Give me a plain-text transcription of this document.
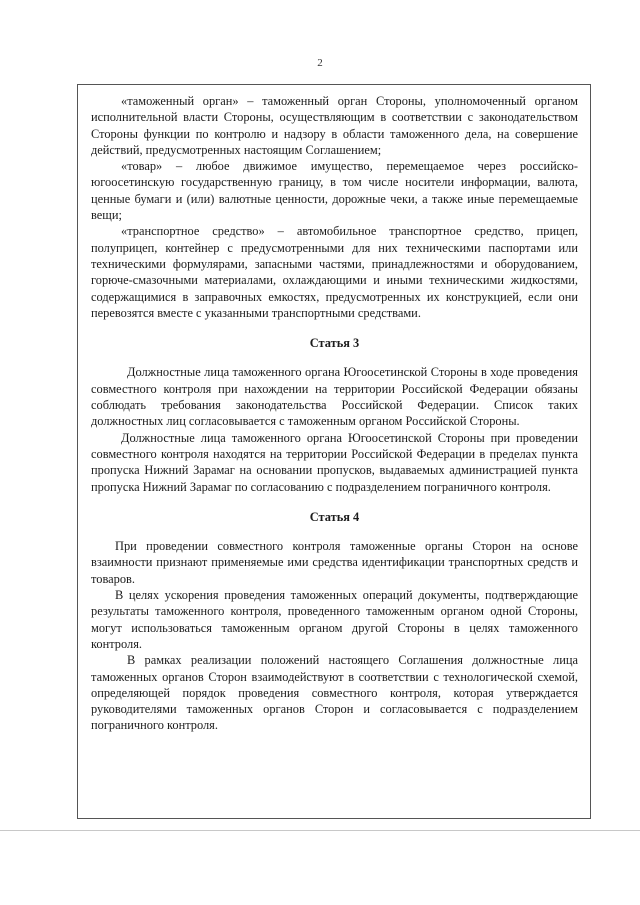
2

«таможенный орган» – таможенный орган Стороны, уполномоченный органом исполнительной власти Стороны, осуществляющим в соответствии с законодательством Стороны функции по контролю и надзору в области таможенного дела, на совершение действий, предусмотренных настоящим Соглашением;

«товар» – любое движимое имущество, перемещаемое через российско-югоосетинскую государственную границу, в том числе носители информации, валюта, ценные бумаги и (или) валютные ценности, дорожные чеки, а также иные перемещаемые вещи;

«транспортное средство» – автомобильное транспортное средство, прицеп, полуприцеп, контейнер с предусмотренными для них техническими паспортами или техническими формулярами, запасными частями, принадлежностями и оборудованием, горюче-смазочными материалами, охлаждающими и иными техническими жидкостями, содержащимися в заправочных емкостях, предусмотренных их конструкцией, если они перевозятся вместе с указанными транспортными средствами.

Статья 3

Должностные лица таможенного органа Югоосетинской Стороны в ходе проведения совместного контроля при нахождении на территории Российской Федерации обязаны соблюдать требования законодательства Российской Федерации. Список таких должностных лиц согласовывается с таможенным органом Российской Стороны.

Должностные лица таможенного органа Югоосетинской Стороны при проведении совместного контроля находятся на территории Российской Федерации в пределах пункта пропуска Нижний Зарамаг на основании пропусков, выдаваемых администрацией пункта пропуска Нижний Зарамаг по согласованию с подразделением пограничного контроля.

Статья 4

При проведении совместного контроля таможенные органы Сторон на основе взаимности признают применяемые ими средства идентификации транспортных средств и товаров.

В целях ускорения проведения таможенных операций документы, подтверждающие результаты таможенного контроля, проведенного таможенным органом одной Стороны, могут использоваться таможенным органом другой Стороны в целях таможенного контроля.

В рамках реализации положений настоящего Соглашения должностные лица таможенных органов Сторон взаимодействуют в соответствии с технологической схемой, определяющей порядок проведения совместного контроля, которая утверждается руководителями таможенных органов Сторон и согласовывается с подразделением пограничного контроля.
